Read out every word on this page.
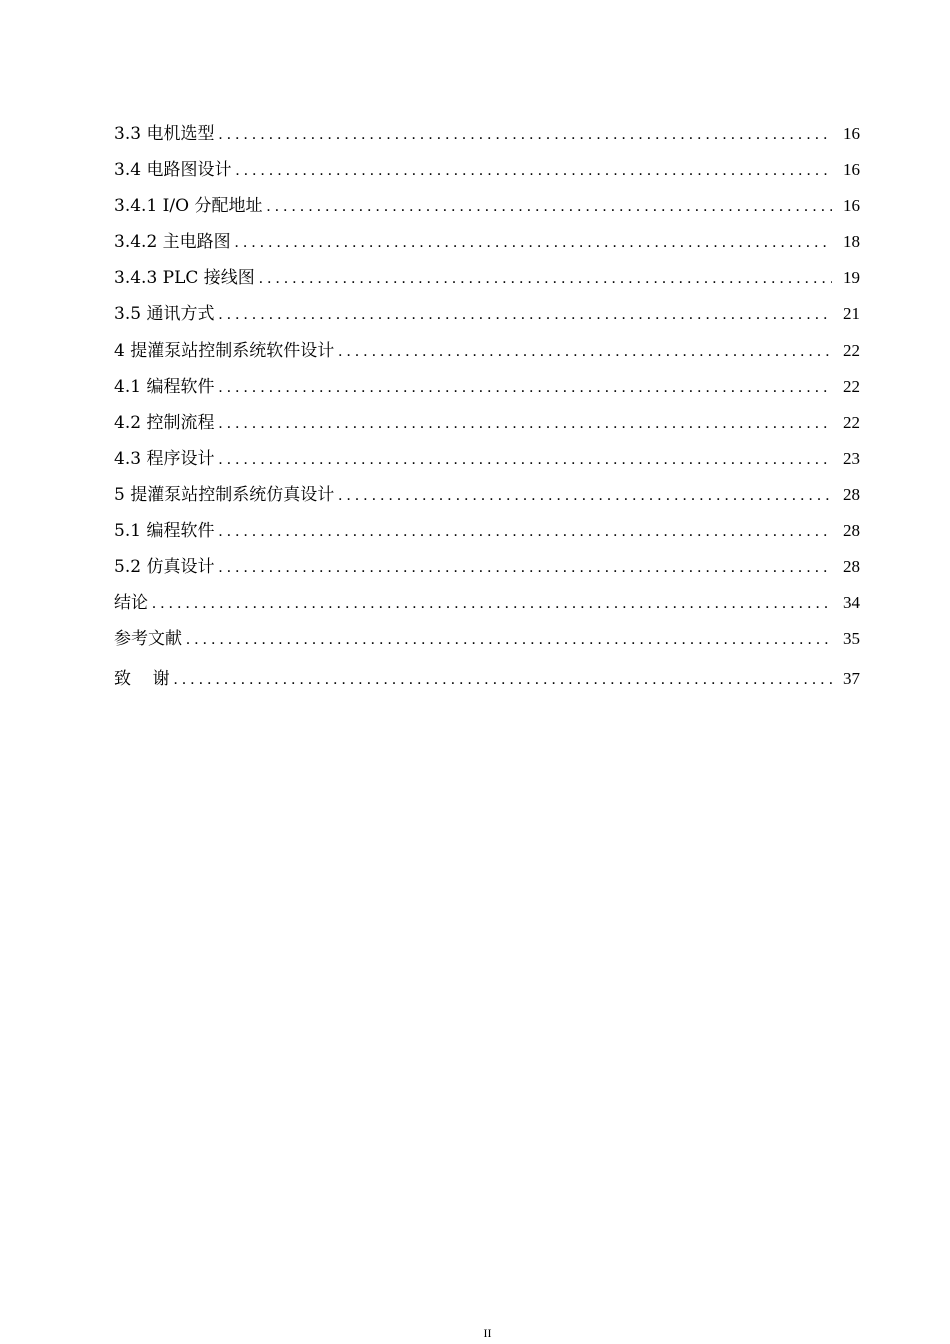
3.3 电机选型 . . .	16
3.4 电路图设计 . . .	16
3.4.1 I/O 分配地址 . . .	16
3.4.2 主电路图 . . .	18
3.4.3 PLC 接线图 . . .	19
3.5 通讯方式 . . .	21
4 提灌泵站控制系统软件设计 . . .	22
4.1 编程软件 . . .	22
4.2 控制流程 . . .	22
4.3 程序设计 . . .	23
5 提灌泵站控制系统仿真设计 . . .	28
5.1 编程软件 . . .	28
5.2 仿真设计 . . .	28
结论 . . .	34
参考文献 . . .	35
致    谢 . . .	37
II
